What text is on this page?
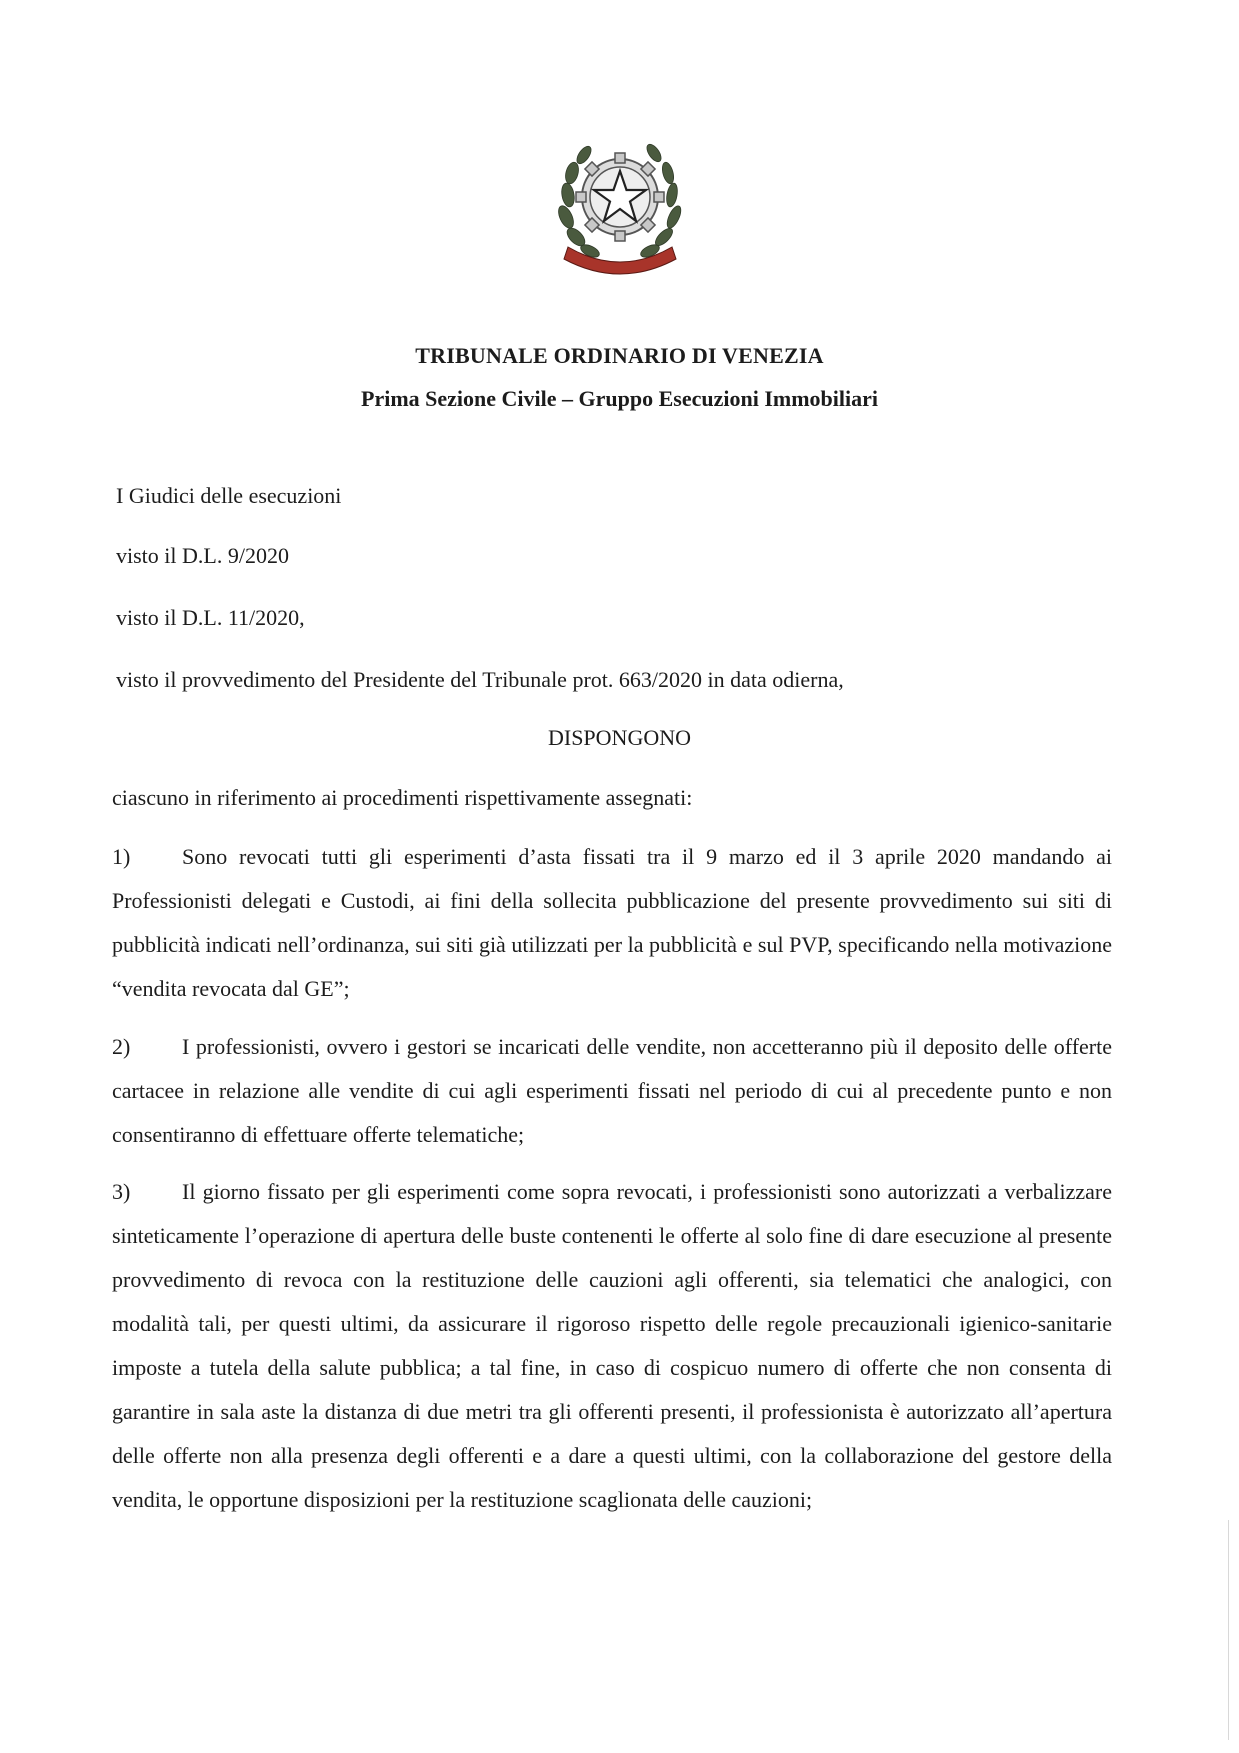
TRIBUNALE ORDINARIO DI VENEZIA
Prima Sezione Civile – Gruppo Esecuzioni Immobiliari
I Giudici delle esecuzioni
visto il D.L. 9/2020
visto il D.L. 11/2020,
visto il provvedimento del Presidente del Tribunale prot. 663/2020 in data odierna,
DISPONGONO
ciascuno in riferimento ai procedimenti rispettivamente assegnati:
1) Sono revocati tutti gli esperimenti d’asta fissati tra il 9 marzo ed il 3 aprile 2020 mandando ai Professionisti delegati e Custodi, ai fini della sollecita pubblicazione del presente provvedimento sui siti di pubblicità indicati nell’ordinanza, sui siti già utilizzati per la pubblicità e sul PVP, specificando nella motivazione “vendita revocata dal GE”;
2) I professionisti, ovvero i gestori se incaricati delle vendite, non accetteranno più il deposito delle offerte cartacee in relazione alle vendite di cui agli esperimenti fissati nel periodo di cui al precedente punto e non consentiranno di effettuare offerte telematiche;
3) Il giorno fissato per gli esperimenti come sopra revocati, i professionisti sono autorizzati a verbalizzare sinteticamente l’operazione di apertura delle buste contenenti le offerte al solo fine di dare esecuzione al presente provvedimento di revoca con la restituzione delle cauzioni agli offerenti, sia telematici che analogici, con modalità tali, per questi ultimi, da assicurare il rigoroso rispetto delle regole precauzionali igienico-sanitarie imposte a tutela della salute pubblica; a tal fine, in caso di cospicuo numero di offerte che non consenta di garantire in sala aste la distanza di due metri tra gli offerenti presenti, il professionista è autorizzato all’apertura delle offerte non alla presenza degli offerenti e a dare a questi ultimi, con la collaborazione del gestore della vendita, le opportune disposizioni per la restituzione scaglionata delle cauzioni;
